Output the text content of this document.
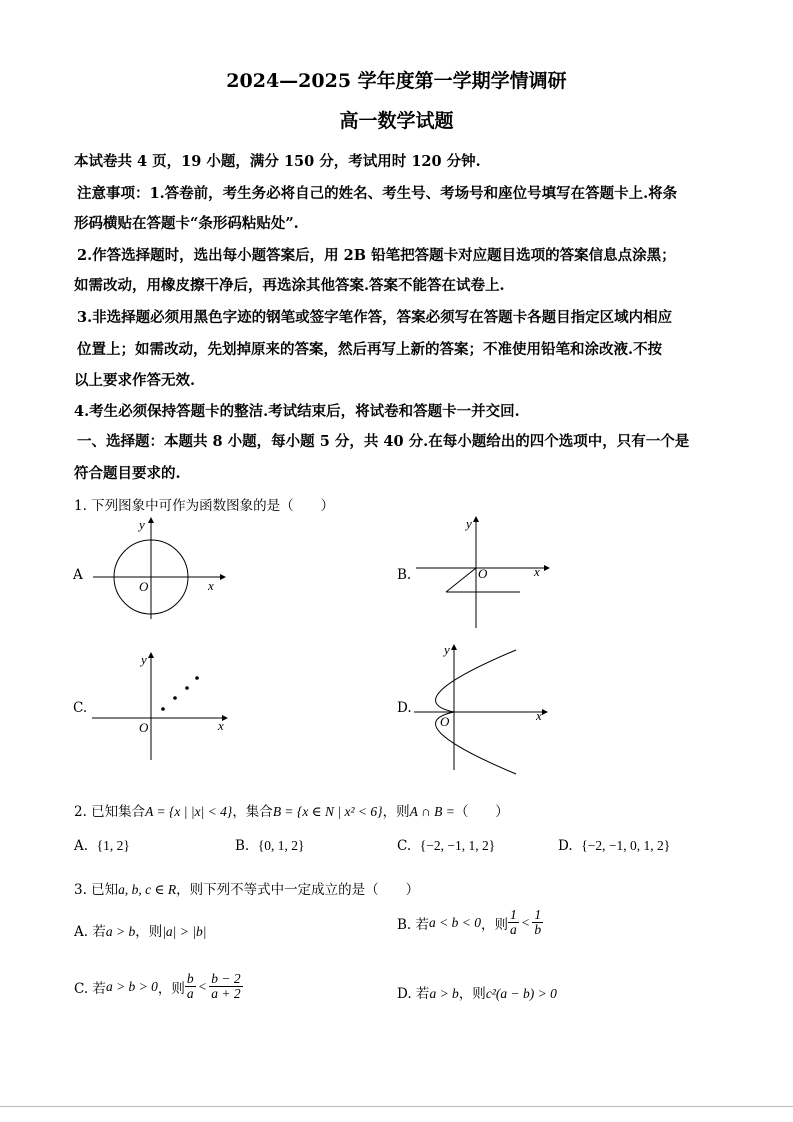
2024—2025 学年度第一学期学情调研
高一数学试题
本试卷共 4 页，19 小题，满分 150 分，考试用时 120 分钟.
注意事项：1.答卷前，考生务必将自己的姓名、考生号、考场号和座位号填写在答题卡上.将条
形码横贴在答题卡“条形码粘贴处”.
2.作答选择题时，选出每小题答案后，用 2B 铅笔把答题卡对应题目选项的答案信息点涂黑；
如需改动，用橡皮擦干净后，再选涂其他答案.答案不能答在试卷上.
3.非选择题必须用黑色字迹的钢笔或签字笔作答，答案必须写在答题卡各题目指定区域内相应
位置上；如需改动，先划掉原来的答案，然后再写上新的答案；不准使用铅笔和涂改液.不按
以上要求作答无效.
4.考生必须保持答题卡的整洁.考试结束后，将试卷和答题卡一并交回.
一、选择题：本题共 8 小题，每小题 5 分，共 40 分.在每小题给出的四个选项中，只有一个是
符合题目要求的.
1. 下列图象中可作为函数图象的是（　　）
A
x
y
O
B.	x
y
O
C.
x
y
O
D.	x
y
O
2. 已知集合A = {x | |x| < 4}，集合B = {x ∈ N | x² < 6}，则A ∩ B =（　　）
A. {1, 2}	B. {0, 1, 2}	C. {−2, −1, 1, 2}	D. {−2, −1, 0, 1, 2}
3. 已知a, b, c ∈ R，则下列不等式中一定成立的是（　　）
A. 若a > b，则|a| > |b|	B. 若 a < b < 0 ，则 $\frac{1}{a} < \frac{1}{b}$
C. 若 a > b > 0 ，则 $\frac{b}{a} < \frac{b - 2}{a + 2}$	D. 若a > b，则c²(a − b) > 0
